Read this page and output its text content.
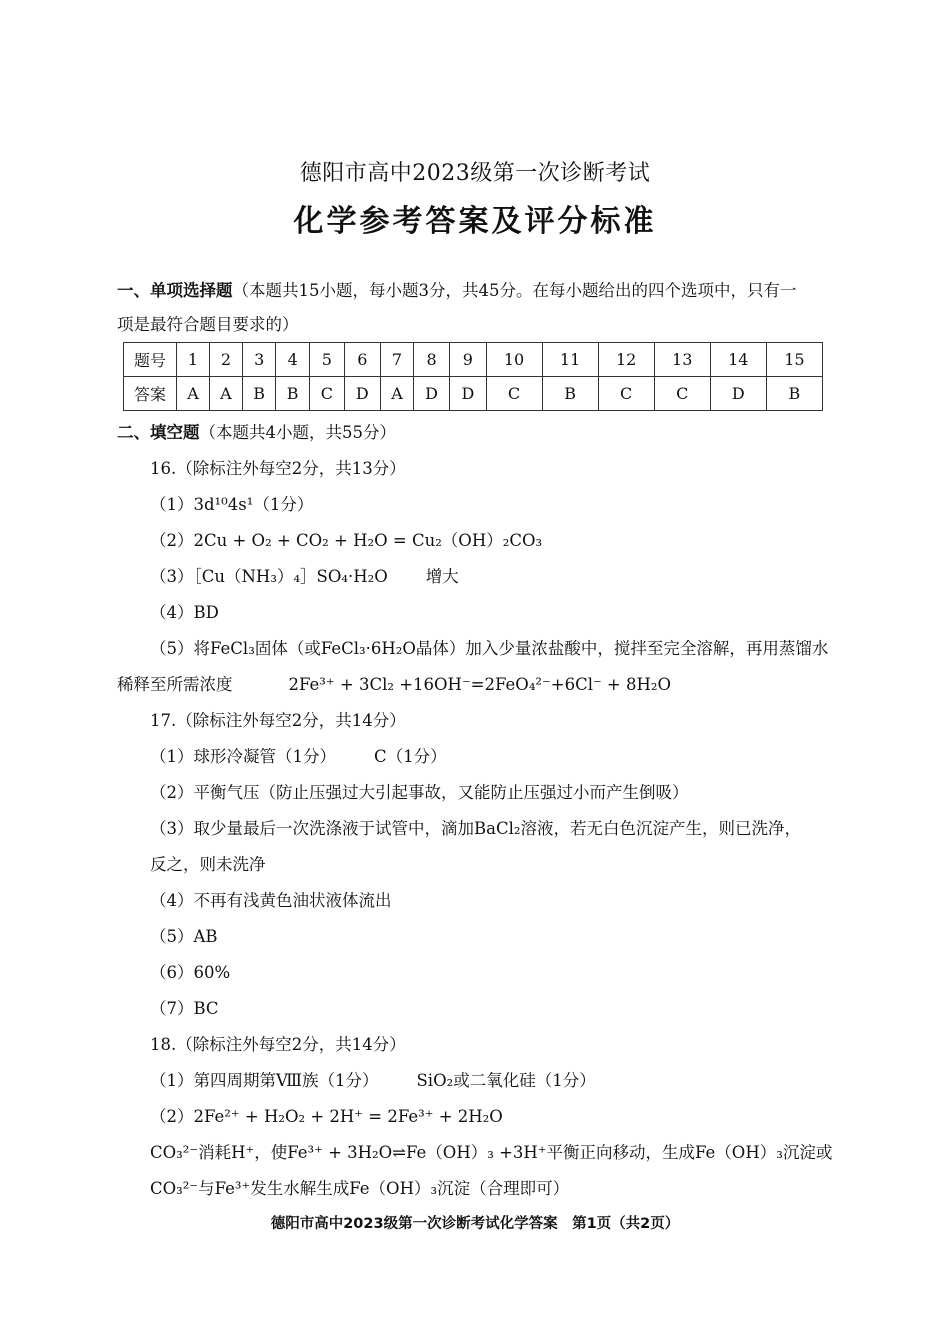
德阳市高中2023级第一次诊断考试
化学参考答案及评分标准
一、单项选择题（本题共15小题，每小题3分，共45分。在每小题给出的四个选项中，只有一
项是最符合题目要求的）
题号	1	2	3	4	5	6	7	8	9	10	11	12	13	14	15
答案	A	A	B	B	C	D	A	D	D	C	B	C	C	D	B
二、填空题（本题共4小题，共55分）
16.（除标注外每空2分，共13分）
（1）3d¹⁰4s¹（1分）
（2）2Cu + O₂ + CO₂ + H₂O = Cu₂（OH）₂CO₃
（3）［Cu（NH₃）₄］SO₄·H₂O 增大
（4）BD
（5）将FeCl₃固体（或FeCl₃·6H₂O晶体）加入少量浓盐酸中，搅拌至完全溶解，再用蒸馏水
稀释至所需浓度	2Fe³⁺ + 3Cl₂ +16OH⁻=2FeO₄²⁻+6Cl⁻ + 8H₂O
17.（除标注外每空2分，共14分）
（1）球形冷凝管（1分） C（1分）
（2）平衡气压（防止压强过大引起事故，又能防止压强过小而产生倒吸）
（3）取少量最后一次洗涤液于试管中，滴加BaCl₂溶液，若无白色沉淀产生，则已洗净，
反之，则未洗净
（4）不再有浅黄色油状液体流出
（5）AB
（6）60%
（7）BC
18.（除标注外每空2分，共14分）
（1）第四周期第Ⅷ族（1分） SiO₂或二氧化硅（1分）
（2）2Fe²⁺ + H₂O₂ + 2H⁺ = 2Fe³⁺ + 2H₂O
CO₃²⁻消耗H⁺，使Fe³⁺ + 3H₂O⇌Fe（OH）₃ +3H⁺平衡正向移动，生成Fe（OH）₃沉淀或
CO₃²⁻与Fe³⁺发生水解生成Fe（OH）₃沉淀（合理即可）
德阳市高中2023级第一次诊断考试化学答案　第1页（共2页）
